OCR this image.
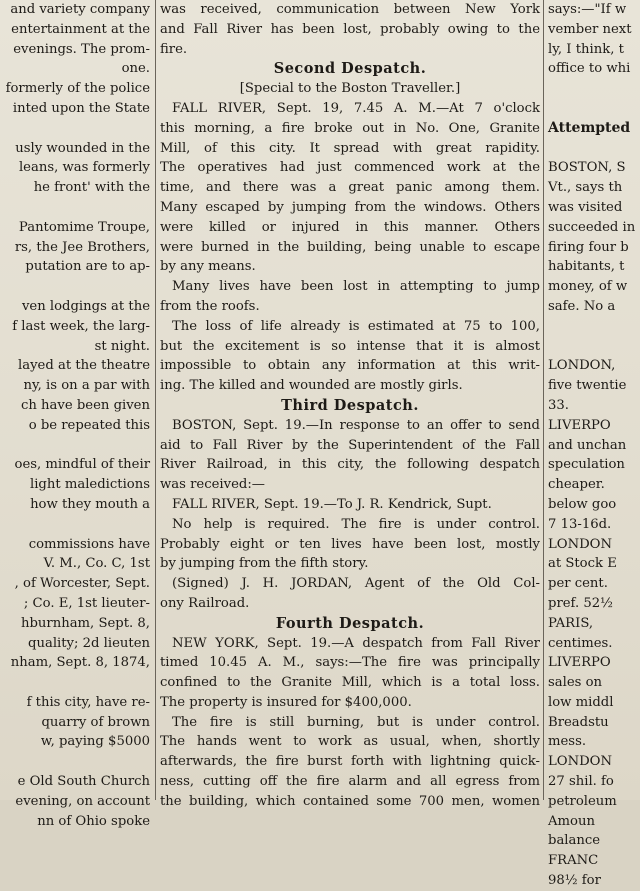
and variety company
entertainment at the
evenings. The prom-
one.
formerly of the police
inted upon the State

usly wounded in the
leans, was formerly
he front' with the

Pantomime Troupe,
rs, the Jee Brothers,
putation are to ap-

ven lodgings at the
f last week, the larg-
st night.
layed at the theatre
ny, is on a par with
ch have been given
o be repeated this

oes, mindful of their
light maledictions
how they mouth a

commissions have
V. M., Co. C, 1st
, of Worcester, Sept.
; Co. E, 1st lieuter-
hburnham, Sept. 8,
quality; 2d lieuten
nham, Sept. 8, 1874,

f this city, have re-
quarry of brown
w, paying $5000

e Old South Church
evening, on account
nn of Ohio spoke
was received, communication between New York
and Fall River has been lost, probably owing to the
fire.
Second Despatch.
[Special to the Boston Traveller.]
FALL RIVER, Sept. 19, 7.45 A. M.—At 7 o'clock
this morning, a fire broke out in No. One, Granite
Mill, of this city. It spread with great rapidity.
The operatives had just commenced work at the
time, and there was a great panic among them.
Many escaped by jumping from the windows. Others
were killed or injured in this manner. Others
were burned in the building, being unable to escape
by any means.
Many lives have been lost in attempting to jump
from the roofs.
The loss of life already is estimated at 75 to 100,
but the excitement is so intense that it is almost
impossible to obtain any information at this writ-
ing. The killed and wounded are mostly girls.
Third Despatch.
BOSTON, Sept. 19.—In response to an offer to send
aid to Fall River by the Superintendent of the Fall
River Railroad, in this city, the following despatch
was received:—
FALL RIVER, Sept. 19.—To J. R. Kendrick, Supt.
No help is required. The fire is under control.
Probably eight or ten lives have been lost, mostly
by jumping from the fifth story.
(Signed) J. H. JORDAN, Agent of the Old Col-
ony Railroad.
Fourth Despatch.
NEW YORK, Sept. 19.—A despatch from Fall River
timed 10.45 A. M., says:—The fire was principally
confined to the Granite Mill, which is a total loss.
The property is insured for $400,000.
The fire is still burning, but is under control.
The hands went to work as usual, when, shortly
afterwards, the fire burst forth with lightning quick-
ness, cutting off the fire alarm and all egress from
the building, which contained some 700 men, women
says:—"If w
vember next
ly, I think, t
office to whi

Attempted

BOSTON, S
Vt., says th
was visited
succeeded in
firing four b
habitants, t
money, of w
safe. No a

LONDON,
five twentie
33.
LIVERPO
and unchan
speculation
cheaper.
below goo
7 13-16d.
LONDON
at Stock E
per cent.
pref. 52½
PARIS,
centimes.
LIVERPO
sales on
low middl
Breadstu
mess.
LONDON
27 shil. fo
petroleum
Amoun
balance
FRANC
98½ for
